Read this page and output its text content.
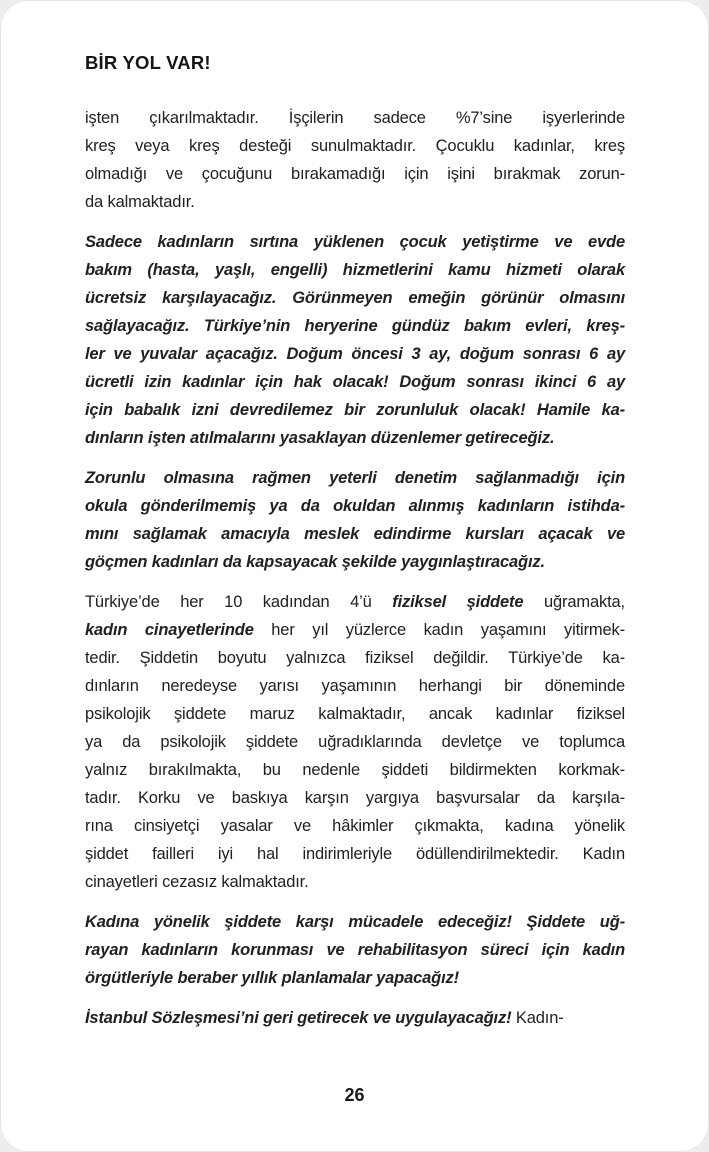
BİR YOL VAR!
işten çıkarılmaktadır. İşçilerin sadece %7’sine işyerlerinde
kreş veya kreş desteği sunulmaktadır. Çocuklu kadınlar, kreş
olmadığı ve çocuğunu bırakamadığı için işini bırakmak zorun-
da kalmaktadır.
Sadece kadınların sırtına yüklenen çocuk yetiştirme ve evde
bakım (hasta, yaşlı, engelli) hizmetlerini kamu hizmeti olarak
ücretsiz karşılayacağız. Görünmeyen emeğin görünür olmasını
sağlayacağız. Türkiye’nin heryerine gündüz bakım evleri, kreş-
ler ve yuvalar açacağız. Doğum öncesi 3 ay, doğum sonrası 6 ay
ücretli izin kadınlar için hak olacak! Doğum sonrası ikinci 6 ay
için babalık izni devredilemez bir zorunluluk olacak! Hamile ka-
dınların işten atılmalarını yasaklayan düzenlemer getireceğiz.
Zorunlu olmasına rağmen yeterli denetim sağlanmadığı için
okula gönderilmemiş ya da okuldan alınmış kadınların istihda-
mını sağlamak amacıyla meslek edindirme kursları açacak ve
göçmen kadınları da kapsayacak şekilde yaygınlaştıracağız.
Türkiye’de her 10 kadından 4’ü fiziksel şiddete uğramakta,
kadın cinayetlerinde her yıl yüzlerce kadın yaşamını yitirmek-
tedir. Şiddetin boyutu yalnızca fiziksel değildir. Türkiye’de ka-
dınların neredeyse yarısı yaşamının herhangi bir döneminde
psikolojik şiddete maruz kalmaktadır, ancak kadınlar fiziksel
ya da psikolojik şiddete uğradıklarında devletçe ve toplumca
yalnız bırakılmakta, bu nedenle şiddeti bildirmekten korkmak-
tadır. Korku ve baskıya karşın yargıya başvursalar da karşıla-
rına cinsiyetçi yasalar ve hâkimler çıkmakta, kadına yönelik
şiddet failleri iyi hal indirimleriyle ödüllendirilmektedir. Kadın
cinayetleri cezasız kalmaktadır.
Kadına yönelik şiddete karşı mücadele edeceğiz! Şiddete uğ-
rayan kadınların korunması ve rehabilitasyon süreci için kadın
örgütleriyle beraber yıllık planlamalar yapacağız!
İstanbul Sözleşmesi’ni geri getirecek ve uygulayacağız! Kadın-
26
